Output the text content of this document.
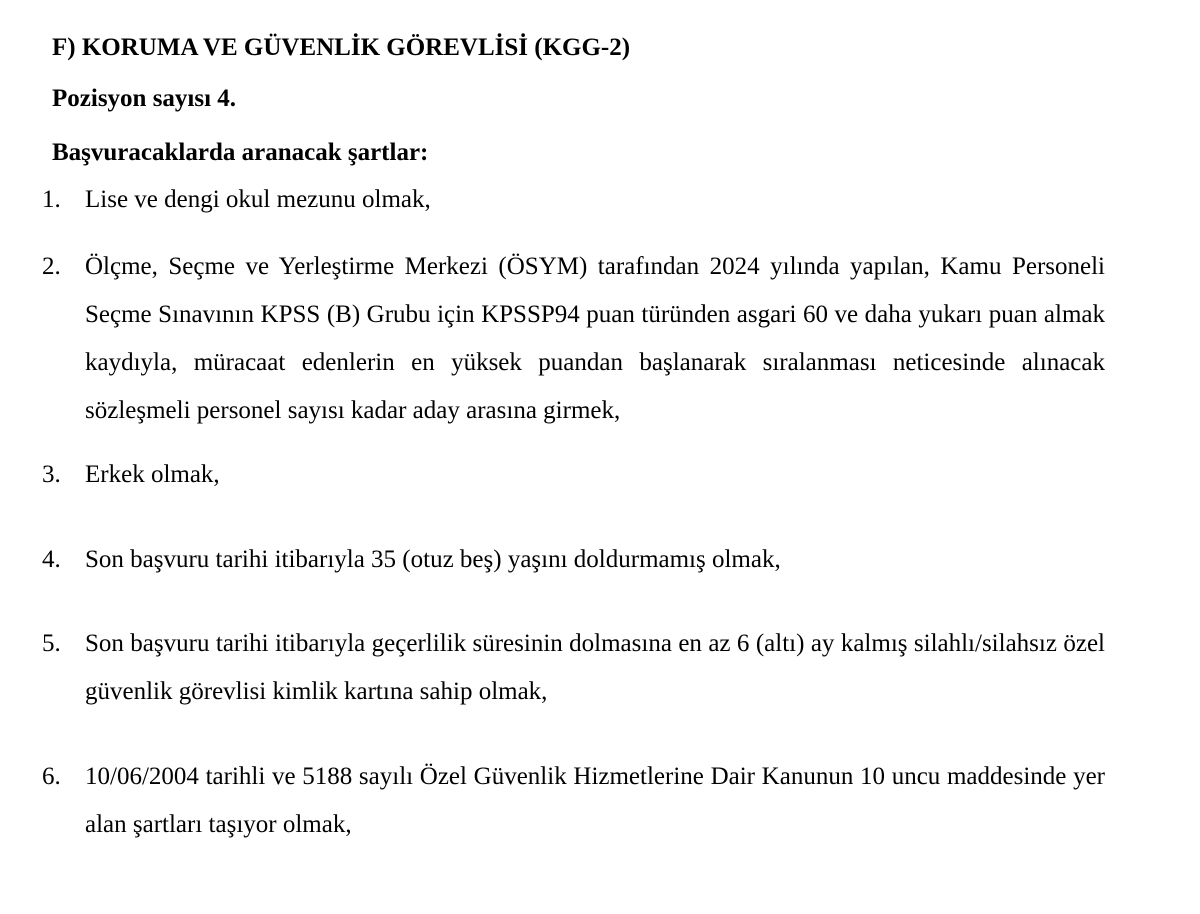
F) KORUMA VE GÜVENLİK GÖREVLİSİ (KGG-2)
Pozisyon sayısı 4.
Başvuracaklarda aranacak şartlar:
1. Lise ve dengi okul mezunu olmak,
2. Ölçme, Seçme ve Yerleştirme Merkezi (ÖSYM) tarafından 2024 yılında yapılan, Kamu Personeli Seçme Sınavının KPSS (B) Grubu için KPSSP94 puan türünden asgari 60 ve daha yukarı puan almak kaydıyla, müracaat edenlerin en yüksek puandan başlanarak sıralanması neticesinde alınacak sözleşmeli personel sayısı kadar aday arasına girmek,
3. Erkek olmak,
4. Son başvuru tarihi itibarıyla 35 (otuz beş) yaşını doldurmamış olmak,
5. Son başvuru tarihi itibarıyla geçerlilik süresinin dolmasına en az 6 (altı) ay kalmış silahlı/silahsız özel güvenlik görevlisi kimlik kartına sahip olmak,
6. 10/06/2004 tarihli ve 5188 sayılı Özel Güvenlik Hizmetlerine Dair Kanunun 10 uncu maddesinde yer alan şartları taşıyor olmak,
